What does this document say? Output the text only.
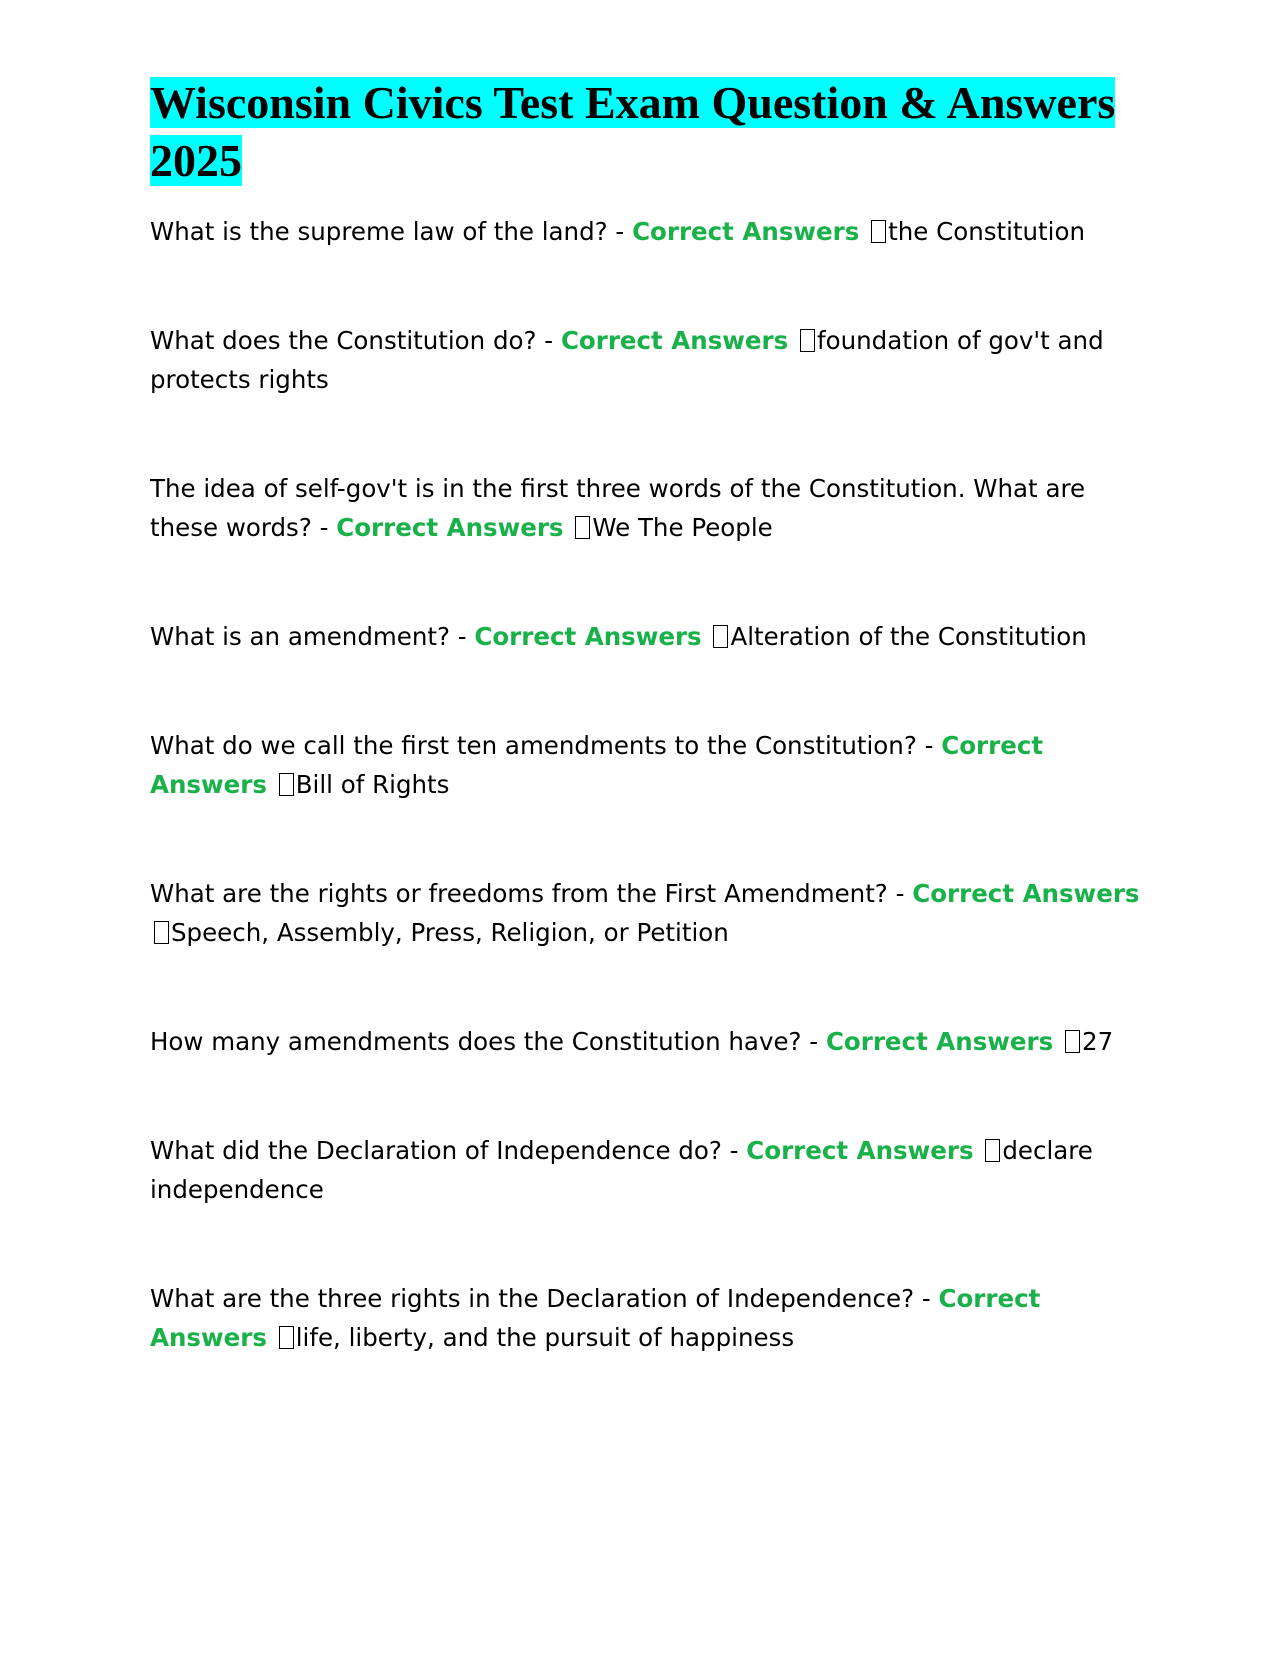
Wisconsin Civics Test Exam Question & Answers 2025

What is the supreme law of the land? - Correct Answers the Constitution

What does the Constitution do? - Correct Answers foundation of gov't and protects rights

The idea of self-gov't is in the first three words of the Constitution. What are these words? - Correct Answers We The People

What is an amendment? - Correct Answers Alteration of the Constitution

What do we call the first ten amendments to the Constitution? - Correct Answers Bill of Rights

What are the rights or freedoms from the First Amendment? - Correct Answers Speech, Assembly, Press, Religion, or Petition

How many amendments does the Constitution have? - Correct Answers 27

What did the Declaration of Independence do? - Correct Answers declare independence

What are the three rights in the Declaration of Independence? - Correct Answers life, liberty, and the pursuit of happiness
